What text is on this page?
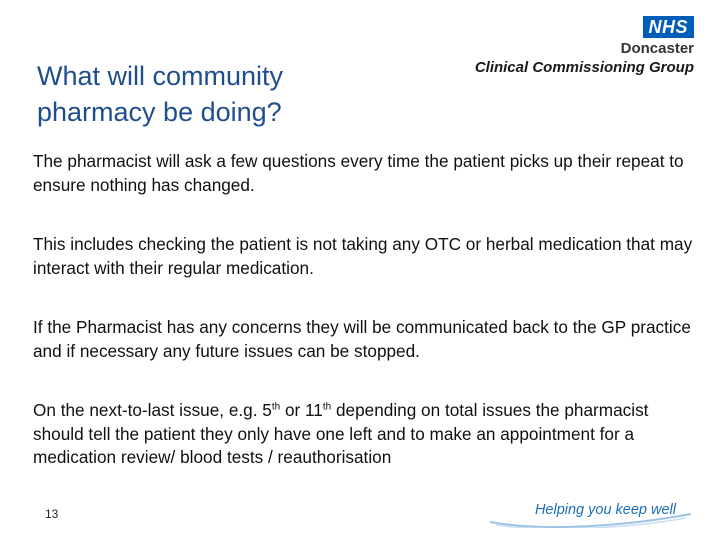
What will community pharmacy be doing?
NHS
Doncaster
Clinical Commissioning Group

The pharmacist will ask a few questions every time the patient picks up their repeat to ensure nothing has changed.

This includes checking the patient is not taking any OTC or herbal medication that may interact with their regular medication.

If the Pharmacist has any concerns they will be communicated back to the GP practice and if necessary any future issues can be stopped.

On the next-to-last issue, e.g. 5th or 11th depending on total issues the pharmacist should tell the patient they only have one left and to make an appointment for a medication review/ blood tests / reauthorisation

13	Helping you keep well
